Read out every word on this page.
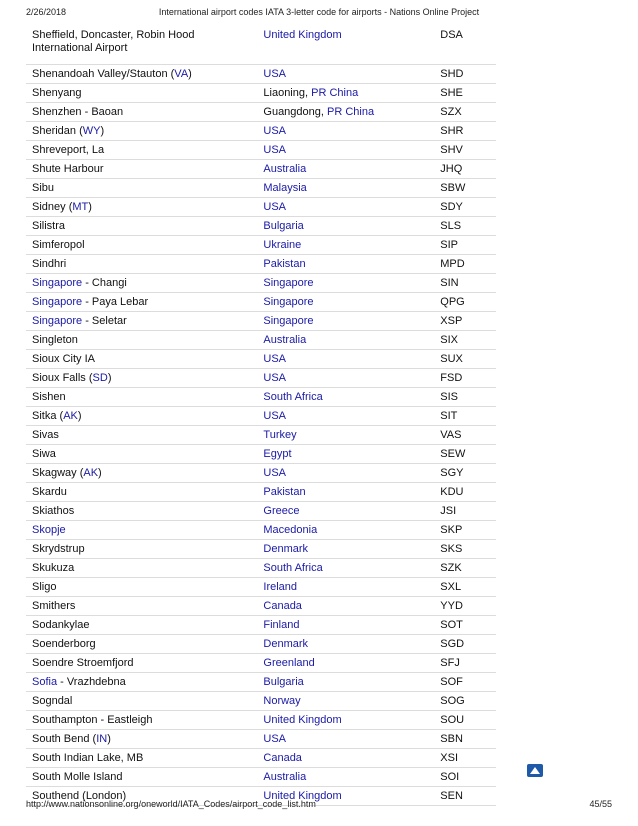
2/26/2018	International airport codes IATA 3-letter code for airports - Nations Online Project
Sheffield, Doncaster, Robin Hood International Airport	United Kingdom	DSA
Shenandoah Valley/Stauton (VA)	USA	SHD
Shenyang	Liaoning, PR China	SHE
Shenzhen - Baoan	Guangdong, PR China	SZX
Sheridan (WY)	USA	SHR
Shreveport, La	USA	SHV
Shute Harbour	Australia	JHQ
Sibu	Malaysia	SBW
Sidney (MT)	USA	SDY
Silistra	Bulgaria	SLS
Simferopol	Ukraine	SIP
Sindhri	Pakistan	MPD
Singapore - Changi	Singapore	SIN
Singapore - Paya Lebar	Singapore	QPG
Singapore - Seletar	Singapore	XSP
Singleton	Australia	SIX
Sioux City IA	USA	SUX
Sioux Falls (SD)	USA	FSD
Sishen	South Africa	SIS
Sitka (AK)	USA	SIT
Sivas	Turkey	VAS
Siwa	Egypt	SEW
Skagway (AK)	USA	SGY
Skardu	Pakistan	KDU
Skiathos	Greece	JSI
Skopje	Macedonia	SKP
Skrydstrup	Denmark	SKS
Skukuza	South Africa	SZK
Sligo	Ireland	SXL
Smithers	Canada	YYD
Sodankylae	Finland	SOT
Soenderborg	Denmark	SGD
Soendre Stroemfjord	Greenland	SFJ
Sofia - Vrazhdebna	Bulgaria	SOF
Sogndal	Norway	SOG
Southampton - Eastleigh	United Kingdom	SOU
South Bend (IN)	USA	SBN
South Indian Lake, MB	Canada	XSI
South Molle Island	Australia	SOI
Southend (London)	United Kingdom	SEN
http://www.nationsonline.org/oneworld/IATA_Codes/airport_code_list.htm	45/55
